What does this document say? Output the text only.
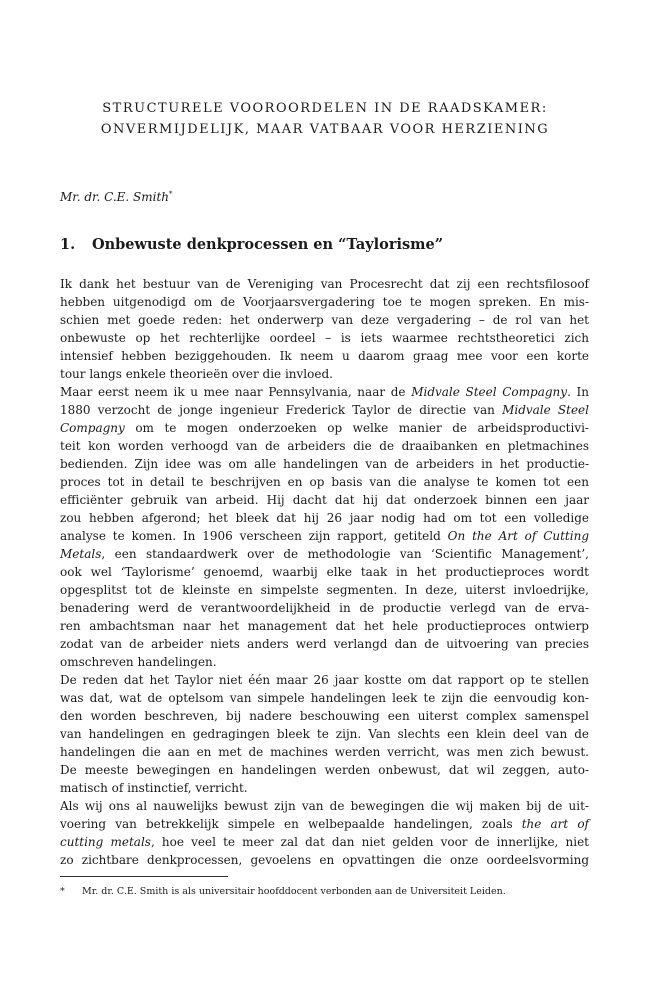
STRUCTURELE VOOROORDELEN IN DE RAADSKAMER:
ONVERMIJDELIJK, MAAR VATBAAR VOOR HERZIENING
Mr. dr. C.E. Smith*
1. Onbewuste denkprocessen en “Taylorisme”
Ik dank het bestuur van de Vereniging van Procesrecht dat zij een rechtsfilosoof
hebben uitgenodigd om de Voorjaarsvergadering toe te mogen spreken. En mis-
schien met goede reden: het onderwerp van deze vergadering – de rol van het
onbewuste op het rechterlijke oordeel – is iets waarmee rechtstheoretici zich
intensief hebben beziggehouden. Ik neem u daarom graag mee voor een korte
tour langs enkele theorieën over die invloed.
Maar eerst neem ik u mee naar Pennsylvania, naar de Midvale Steel Compagny. In
1880 verzocht de jonge ingenieur Frederick Taylor de directie van Midvale Steel
Compagny om te mogen onderzoeken op welke manier de arbeidsproductivi-
teit kon worden verhoogd van de arbeiders die de draaibanken en pletmachines
bedienden. Zijn idee was om alle handelingen van de arbeiders in het productie-
proces tot in detail te beschrijven en op basis van die analyse te komen tot een
efficiënter gebruik van arbeid. Hij dacht dat hij dat onderzoek binnen een jaar
zou hebben afgerond; het bleek dat hij 26 jaar nodig had om tot een volledige
analyse te komen. In 1906 verscheen zijn rapport, getiteld On the Art of Cutting
Metals, een standaardwerk over de methodologie van ‘Scientific Management’,
ook wel ‘Taylorisme’ genoemd, waarbij elke taak in het productieproces wordt
opgesplitst tot de kleinste en simpelste segmenten. In deze, uiterst invloedrijke,
benadering werd de verantwoordelijkheid in de productie verlegd van de erva-
ren ambachtsman naar het management dat het hele productieproces ontwierp
zodat van de arbeider niets anders werd verlangd dan de uitvoering van precies
omschreven handelingen.
De reden dat het Taylor niet één maar 26 jaar kostte om dat rapport op te stellen
was dat, wat de optelsom van simpele handelingen leek te zijn die eenvoudig kon-
den worden beschreven, bij nadere beschouwing een uiterst complex samenspel
van handelingen en gedragingen bleek te zijn. Van slechts een klein deel van de
handelingen die aan en met de machines werden verricht, was men zich bewust.
De meeste bewegingen en handelingen werden onbewust, dat wil zeggen, auto-
matisch of instinctief, verricht.
Als wij ons al nauwelijks bewust zijn van de bewegingen die wij maken bij de uit-
voering van betrekkelijk simpele en welbepaalde handelingen, zoals the art of
cutting metals, hoe veel te meer zal dat dan niet gelden voor de innerlijke, niet
zo zichtbare denkprocessen, gevoelens en opvattingen die onze oordeelsvorming
* Mr. dr. C.E. Smith is als universitair hoofddocent verbonden aan de Universiteit Leiden.
